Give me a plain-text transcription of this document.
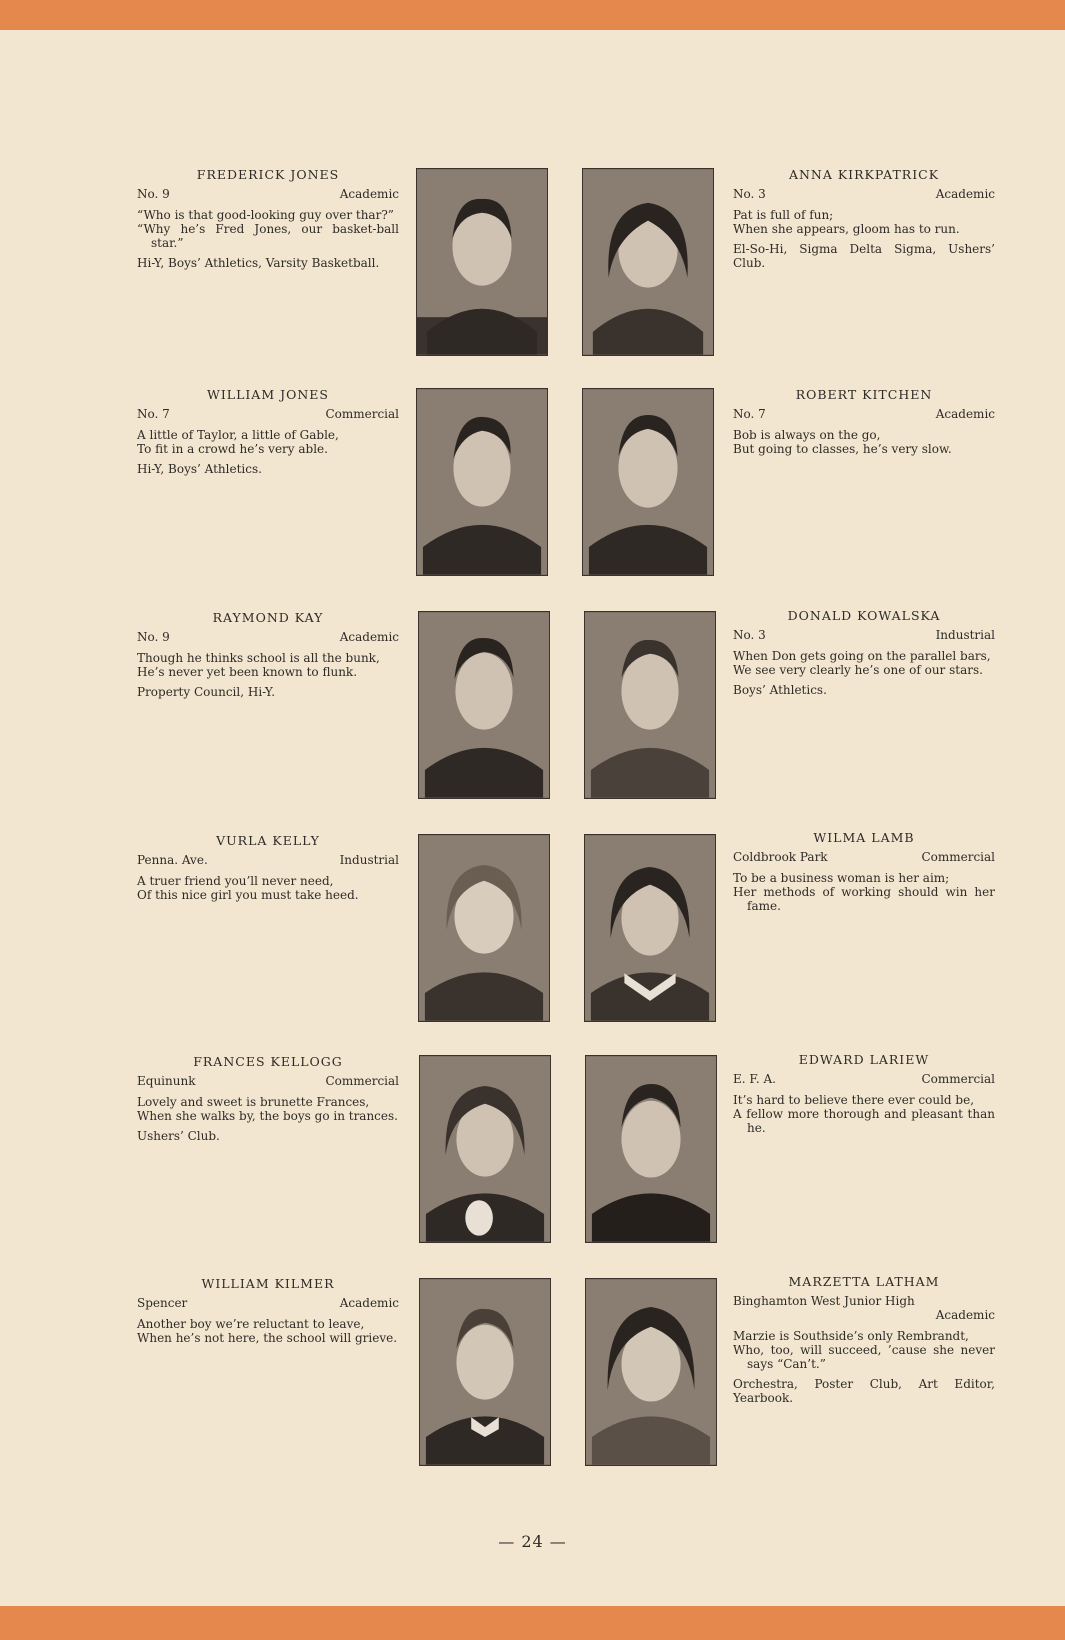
FREDERICK JONES
No. 9	Academic

“Who is that good-looking guy over thar?”
“Why he’s Fred Jones, our basket-ball star.”

Hi-Y, Boys’ Athletics, Varsity Basketball.

ANNA KIRKPATRICK
No. 3	Academic

Pat is full of fun;
When she appears, gloom has to run.

El-So-Hi, Sigma Delta Sigma, Ushers’ Club.

WILLIAM JONES
No. 7	Commercial

A little of Taylor, a little of Gable,
To fit in a crowd he’s very able.

Hi-Y, Boys’ Athletics.

ROBERT KITCHEN
No. 7	Academic

Bob is always on the go,
But going to classes, he’s very slow.

RAYMOND KAY
No. 9	Academic

Though he thinks school is all the bunk,
He’s never yet been known to flunk.

Property Council, Hi-Y.

DONALD KOWALSKA
No. 3	Industrial

When Don gets going on the parallel bars,
We see very clearly he’s one of our stars.

Boys’ Athletics.

VURLA KELLY
Penna. Ave.	Industrial

A truer friend you’ll never need,
Of this nice girl you must take heed.

WILMA LAMB
Coldbrook Park	Commercial

To be a business woman is her aim;
Her methods of working should win her fame.

FRANCES KELLOGG
Equinunk	Commercial

Lovely and sweet is brunette Frances,
When she walks by, the boys go in trances.

Ushers’ Club.

EDWARD LARIEW
E. F. A.	Commercial

It’s hard to believe there ever could be,
A fellow more thorough and pleasant than he.

WILLIAM KILMER
Spencer	Academic

Another boy we’re reluctant to leave,
When he’s not here, the school will grieve.

MARZETTA LATHAM
Binghamton West Junior High
Academic

Marzie is Southside’s only Rembrandt,
Who, too, will succeed, ’cause she never says “Can’t.”

Orchestra, Poster Club, Art Editor, Yearbook.

— 24 —
